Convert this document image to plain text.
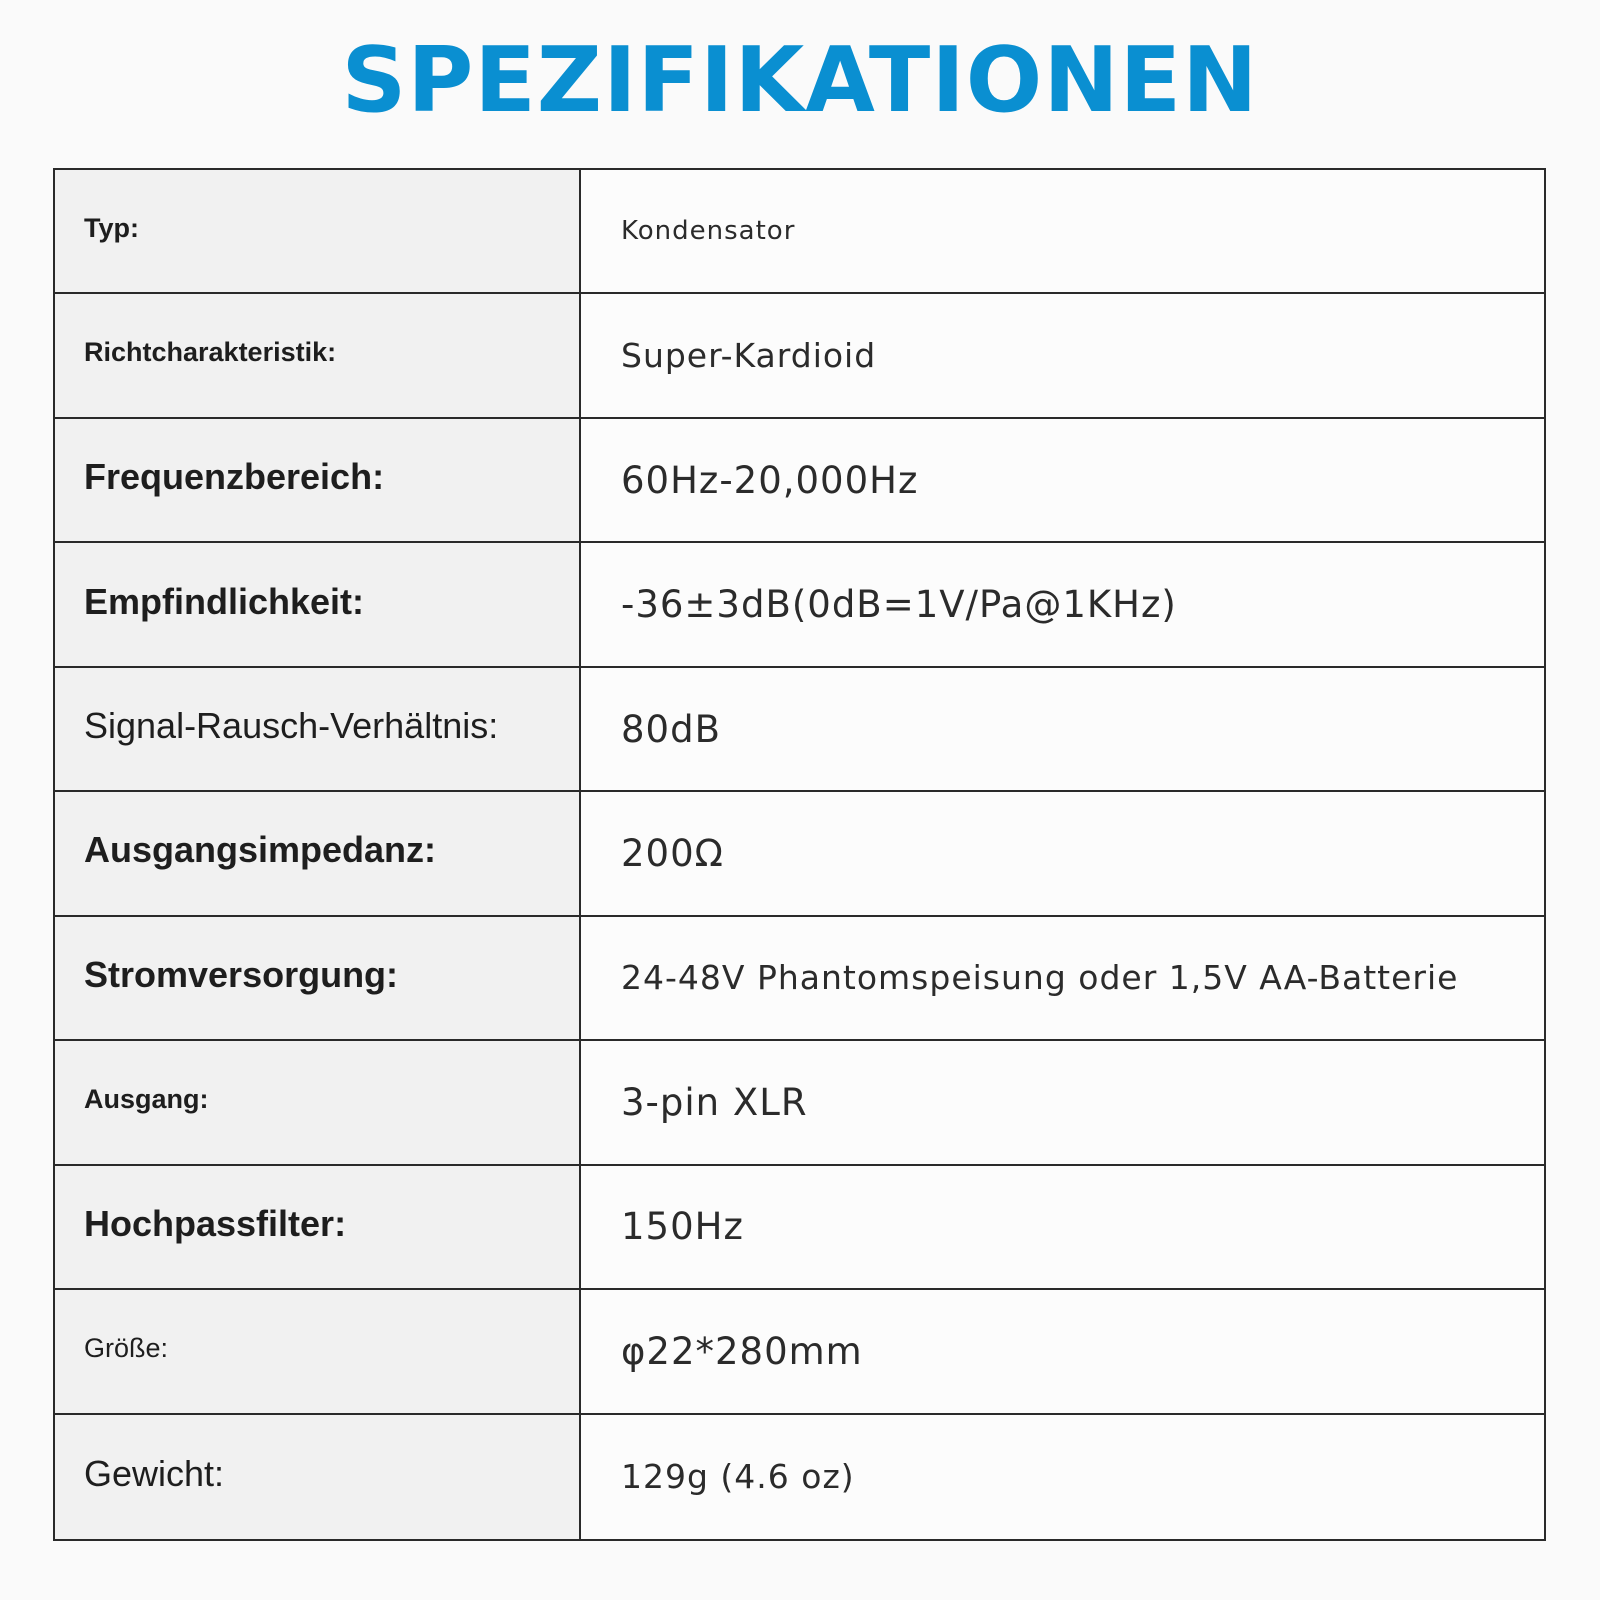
SPEZIFIKATIONEN
Typ:	Kondensator
Richtcharakteristik:	Super-Kardioid
Frequenzbereich:	60Hz-20,000Hz
Empfindlichkeit:	-36±3dB(0dB=1V/Pa@1KHz)
Signal-Rausch-Verhältnis:	80dB
Ausgangsimpedanz:	200Ω
Stromversorgung:	24-48V Phantomspeisung oder 1,5V AA-Batterie
Ausgang:	3-pin XLR
Hochpassfilter:	150Hz
Größe:	φ22*280mm
Gewicht:	129g (4.6 oz)
